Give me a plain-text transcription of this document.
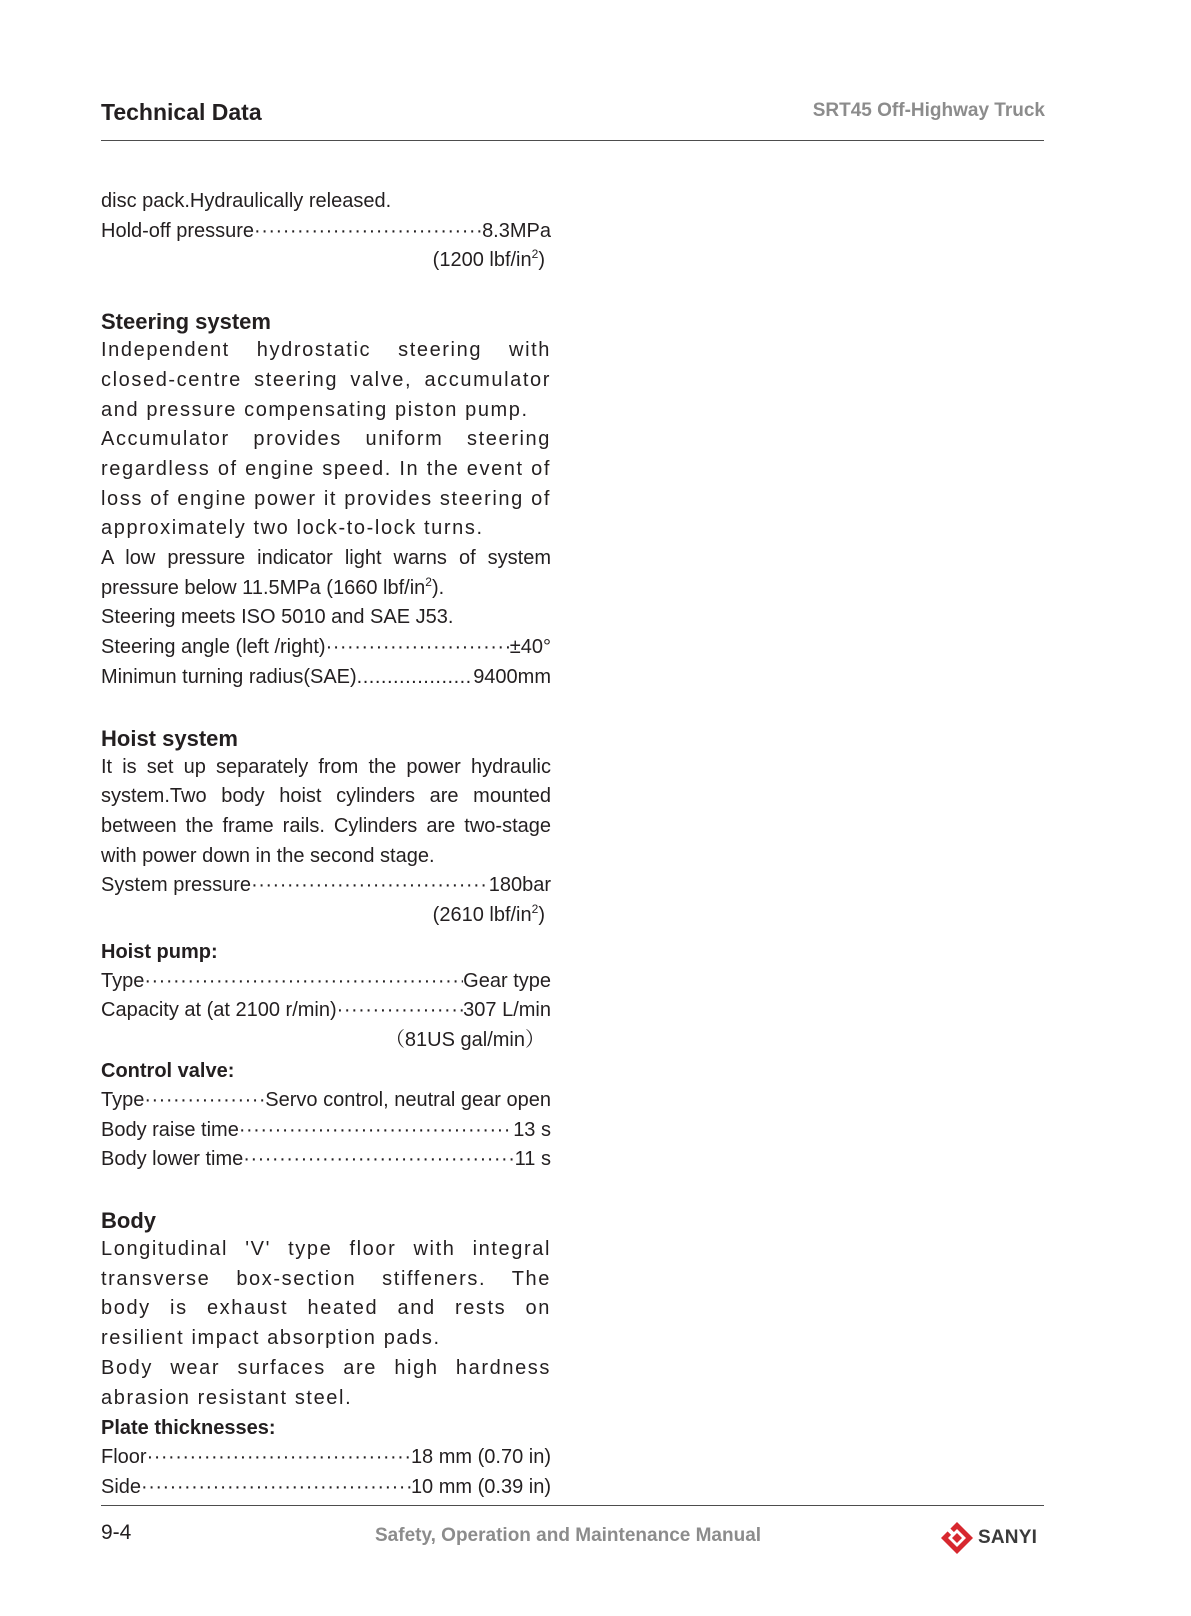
Technical Data	SRT45 Off-Highway Truck

disc pack.Hydraulically released.

Hold-off pressure ·····	8.3MPa

(1200 lbf/$in^2$)

Steering system

Independent hydrostatic steering with closed-centre steering valve, accumulator and pressure compensating piston pump.

Accumulator provides uniform steering regardless of engine speed. In the event of loss of engine power it provides steering of approximately two lock-to-lock turns.

A low pressure indicator light warns of system pressure below 11.5MPa (1660 lbf/$in^2$).

Steering meets ISO 5010 and SAE J53.

Steering angle (left /right) ·····	±40°
Minimun turning radius(SAE) .....	9400mm

Hoist system

It is set up separately from the power hydraulic system.Two body hoist cylinders are mounted between the frame rails. Cylinders are two-stage with power down in the second stage.

System pressure ·····	180bar

(2610 lbf/$in^2$)

Hoist pump:

Type ·····	Gear type
Capacity at (at 2100 r/min) ·····	307 L/min

（81US gal/min）

Control valve:

Type ·····	Servo control, neutral gear open
Body raise time ·····	13 s
Body lower time ·····	11 s

Body

Longitudinal 'V' type floor with integral transverse box-section stiffeners. The body is exhaust heated and rests on resilient impact absorption pads.

Body wear surfaces are high hardness abrasion resistant steel.

Plate thicknesses:

Floor ·····	18 mm (0.70 in)
Side ·····	10 mm (0.39 in)
9-4	Safety, Operation and Maintenance Manual	SANYI
